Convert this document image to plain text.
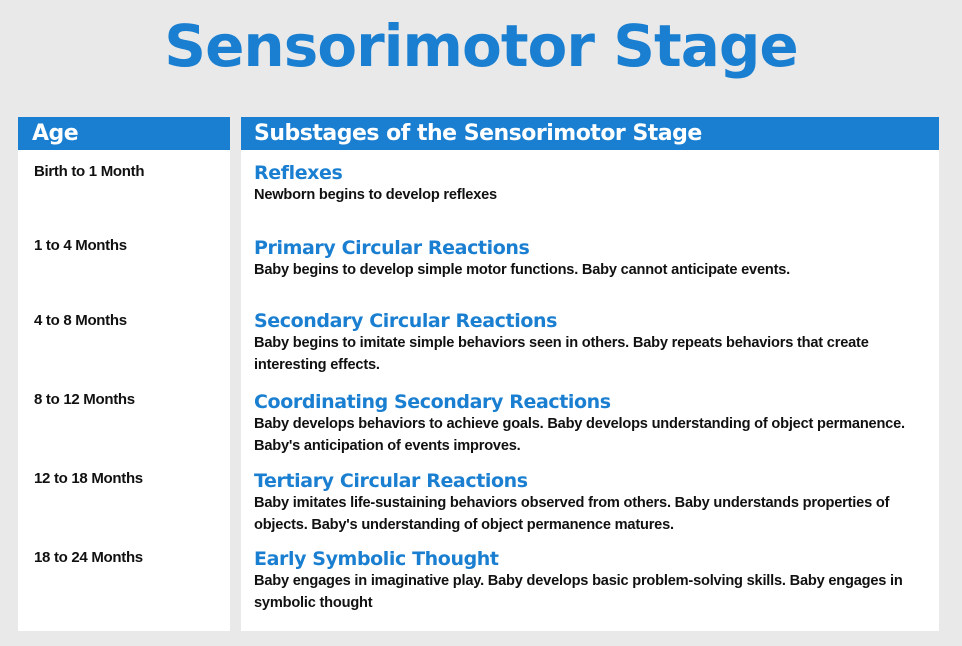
Sensorimotor Stage
Age
Birth to 1 Month
1 to 4 Months
4 to 8 Months
8 to 12 Months
12 to 18 Months
18 to 24 Months
Substages of the Sensorimotor Stage
Reflexes
Newborn begins to develop reflexes
Primary Circular Reactions
Baby begins to develop simple motor functions. Baby cannot anticipate events.
Secondary Circular Reactions
Baby begins to imitate simple behaviors seen in others. Baby repeats behaviors that create interesting effects.
Coordinating Secondary Reactions
Baby develops behaviors to achieve goals. Baby develops understanding of object permanence. Baby's anticipation of events improves.
Tertiary Circular Reactions
Baby imitates life-sustaining behaviors observed from others. Baby understands properties of objects. Baby's understanding of object permanence matures.
Early Symbolic Thought
Baby engages in imaginative play. Baby develops basic problem-solving skills. Baby engages in symbolic thought
